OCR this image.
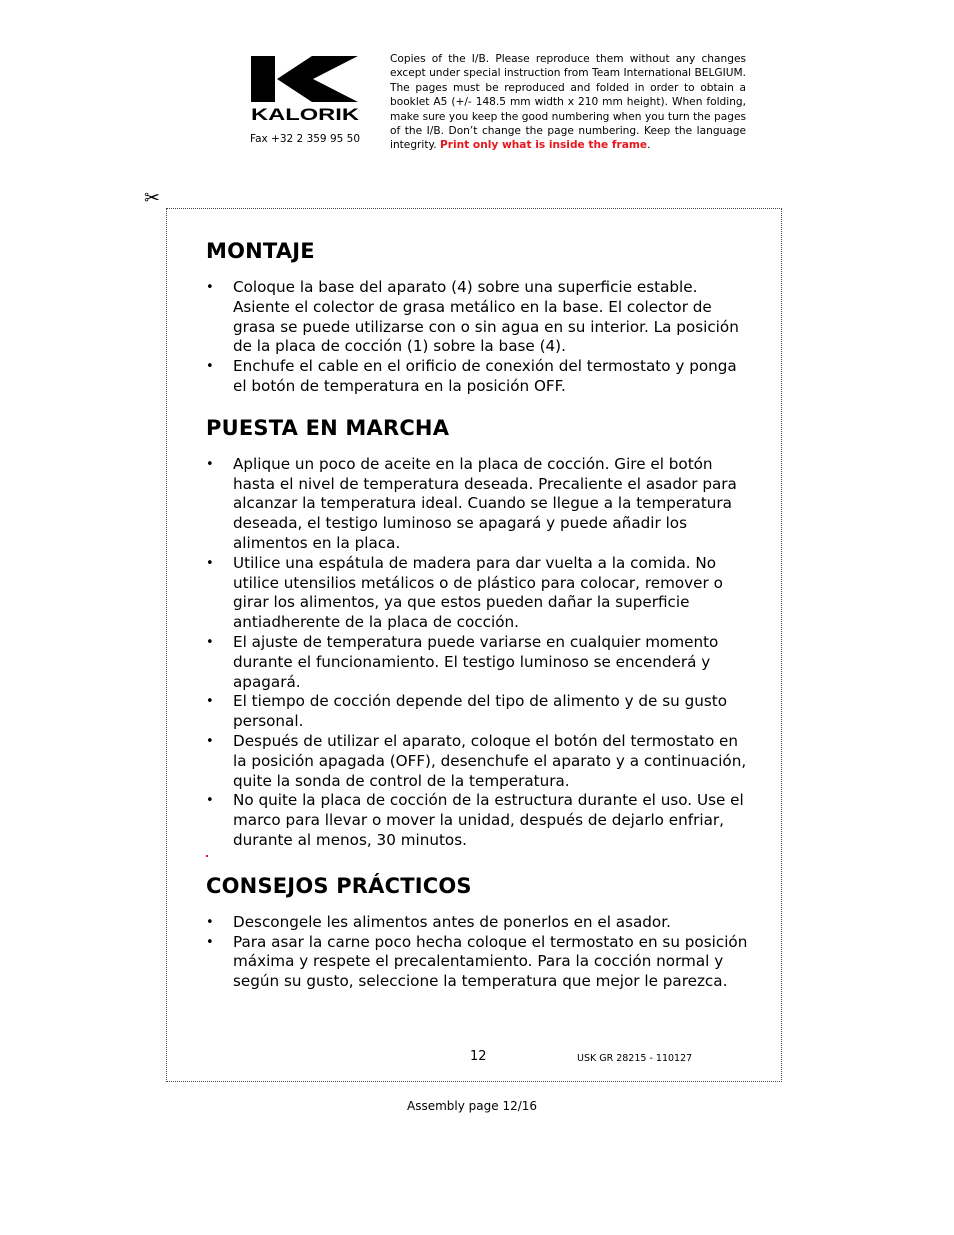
KALORIK
Fax +32 2 359 95 50
Copies of the I/B. Please reproduce them without any changes except under special instruction from Team International BELGIUM. The pages must be reproduced and folded in order to obtain a booklet A5 (+/- 148.5 mm width x 210 mm height). When folding, make sure you keep the good numbering when you turn the pages of the I/B. Don’t change the page numbering. Keep the language integrity. Print only what is inside the frame.
✂
MONTAJE
• Coloque la base del aparato (4) sobre una superficie estable. Asiente el colector de grasa metálico en la base. El colector de grasa se puede utilizarse con o sin agua en su interior. La posición de la placa de cocción (1) sobre la base (4).
• Enchufe el cable en el orificio de conexión del termostato y ponga el botón de temperatura en la posición OFF.
PUESTA EN MARCHA
• Aplique un poco de aceite en la placa de cocción. Gire el botón hasta el nivel de temperatura deseada. Precaliente el asador para alcanzar la temperatura ideal. Cuando se llegue a la temperatura deseada, el testigo luminoso se apagará y puede añadir los alimentos en la placa.
• Utilice una espátula de madera para dar vuelta a la comida. No utilice utensilios metálicos o de plástico para colocar, remover o girar los alimentos, ya que estos pueden dañar la superficie antiadherente de la placa de cocción.
• El ajuste de temperatura puede variarse en cualquier momento durante el funcionamiento. El testigo luminoso se encenderá y apagará.
• El tiempo de cocción depende del tipo de alimento y de su gusto personal.
• Después de utilizar el aparato, coloque el botón del termostato en la posición apagada (OFF), desenchufe el aparato y a continuación, quite la sonda de control de la temperatura.
• No quite la placa de cocción de la estructura durante el uso. Use el marco para llevar o mover la unidad, después de dejarlo enfriar, durante al menos, 30 minutos.
CONSEJOS PRÁCTICOS
• Descongele les alimentos antes de ponerlos en el asador.
• Para asar la carne poco hecha coloque el termostato en su posición máxima y respete el precalentamiento. Para la cocción normal y según su gusto, seleccione la temperatura que mejor le parezca.
12	USK GR 28215 - 110127
Assembly page 12/16
